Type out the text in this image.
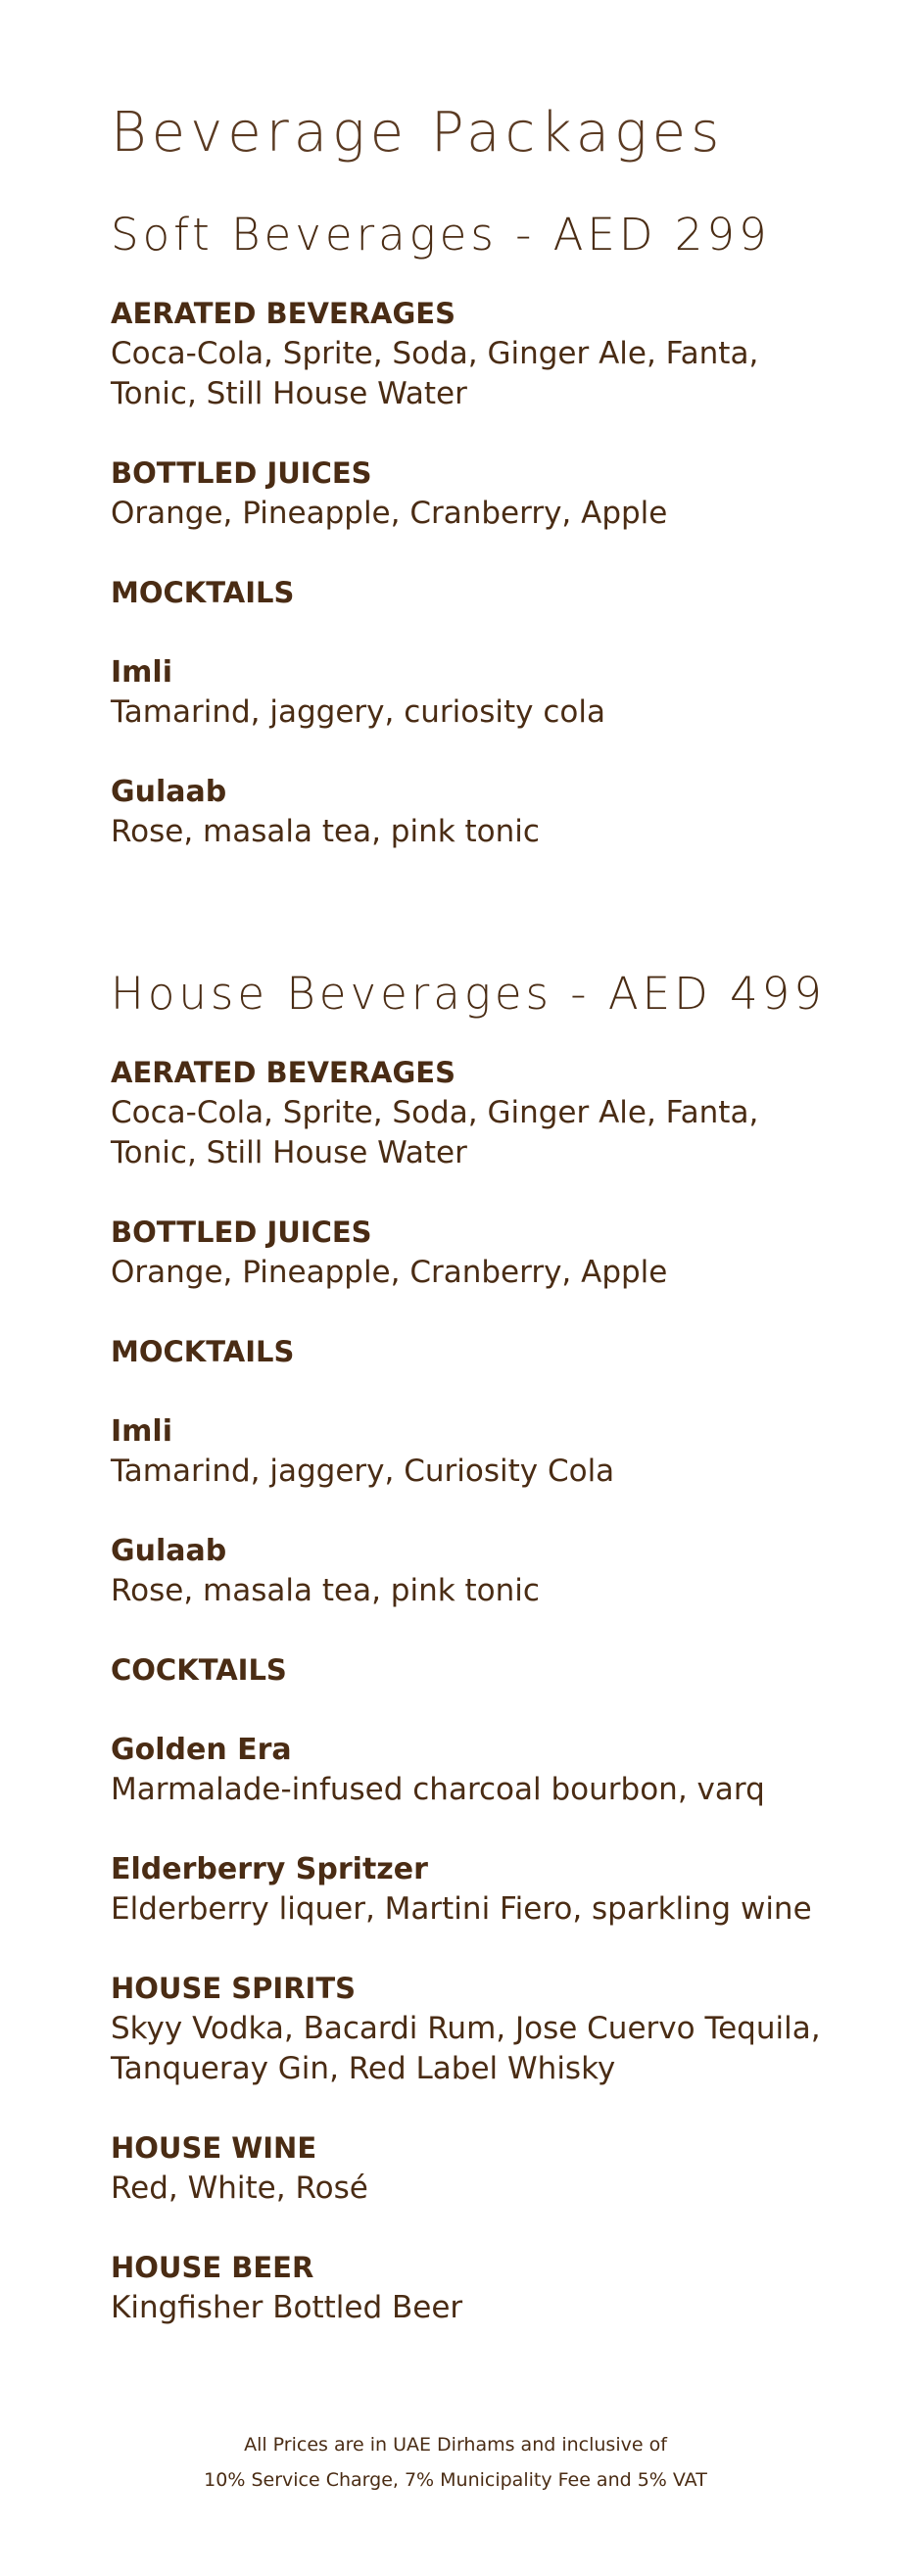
Beverage Packages
Soft Beverages - AED 299
AERATED BEVERAGES
Coca-Cola, Sprite, Soda, Ginger Ale, Fanta,
Tonic, Still House Water
BOTTLED JUICES
Orange, Pineapple, Cranberry, Apple
MOCKTAILS
Imli
Tamarind, jaggery, curiosity cola
Gulaab
Rose, masala tea, pink tonic
House Beverages - AED 499
AERATED BEVERAGES
Coca-Cola, Sprite, Soda, Ginger Ale, Fanta,
Tonic, Still House Water
BOTTLED JUICES
Orange, Pineapple, Cranberry, Apple
MOCKTAILS
Imli
Tamarind, jaggery, Curiosity Cola
Gulaab
Rose, masala tea, pink tonic
COCKTAILS
Golden Era
Marmalade-infused charcoal bourbon, varq
Elderberry Spritzer
Elderberry liquer, Martini Fiero, sparkling wine
HOUSE SPIRITS
Skyy Vodka, Bacardi Rum, Jose Cuervo Tequila,
Tanqueray Gin, Red Label Whisky
HOUSE WINE
Red, White, Rosé
HOUSE BEER
Kingfisher Bottled Beer
All Prices are in UAE Dirhams and inclusive of
10% Service Charge, 7% Municipality Fee and 5% VAT
